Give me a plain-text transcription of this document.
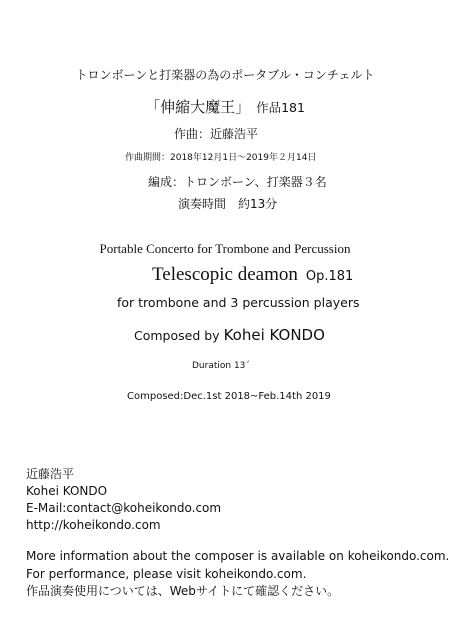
トロンボーンと打楽器の為のポータブル・コンチェルト
「伸縮大魔王」 作品181
作曲：近藤浩平
作曲期間：2018年12月1日〜2019年２月14日
編成：トロンボーン、打楽器３名
演奏時間　約13分
Portable Concerto for Trombone and Percussion
Telescopic deamon Op.181
for trombone and 3 percussion players
Composed by Kohei KONDO
Duration 13´
Composed:Dec.1st 2018~Feb.14th 2019
近藤浩平
Kohei KONDO
E-Mail:contact@koheikondo.com
http://koheikondo.com
More information about the composer is available on koheikondo.com.
For performance, please visit koheikondo.com.
作品演奏使用については、Webサイトにて確認ください。
